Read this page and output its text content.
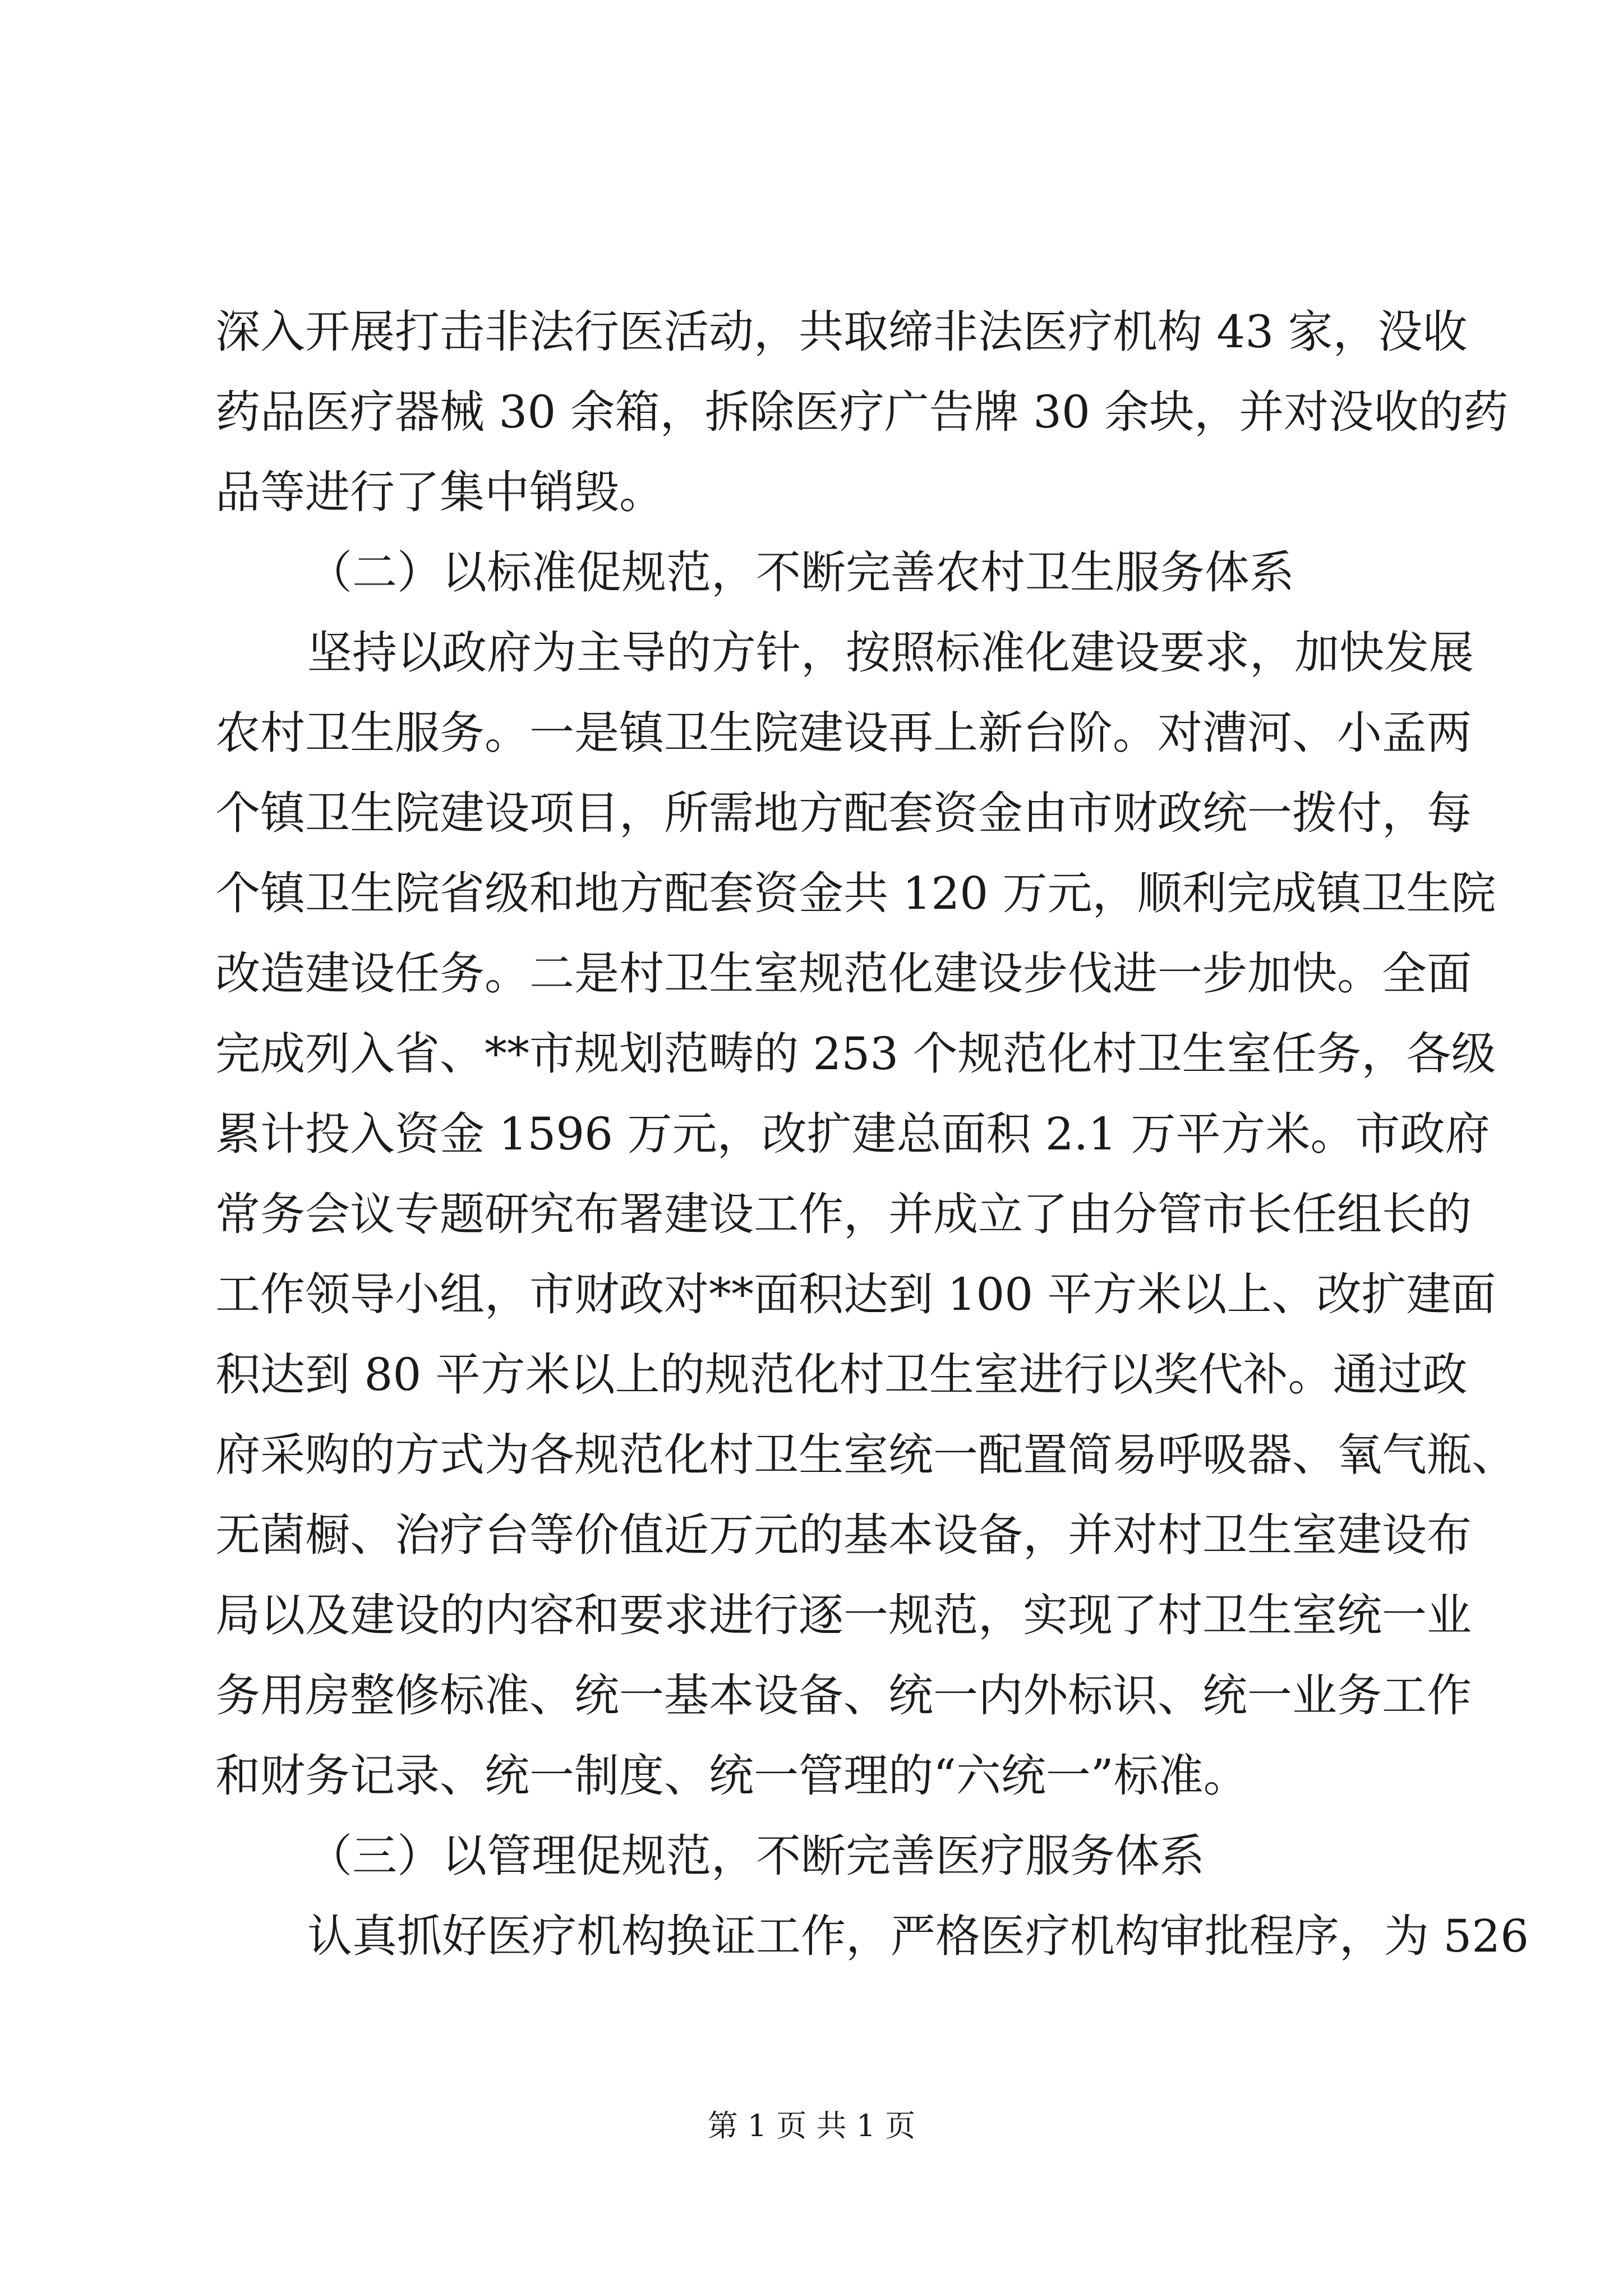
深入开展打击非法行医活动，共取缔非法医疗机构 43 家，没收
药品医疗器械 30 余箱，拆除医疗广告牌 30 余块，并对没收的药
品等进行了集中销毁。
（二）以标准促规范，不断完善农村卫生服务体系
坚持以政府为主导的方针，按照标准化建设要求，加快发展
农村卫生服务。一是镇卫生院建设再上新台阶。对漕河、小孟两
个镇卫生院建设项目，所需地方配套资金由市财政统一拨付，每
个镇卫生院省级和地方配套资金共 120 万元，顺利完成镇卫生院
改造建设任务。二是村卫生室规范化建设步伐进一步加快。全面
完成列入省、**市规划范畴的 253 个规范化村卫生室任务，各级
累计投入资金 1596 万元，改扩建总面积 2.1 万平方米。市政府
常务会议专题研究布署建设工作，并成立了由分管市长任组长的
工作领导小组，市财政对**面积达到 100 平方米以上、改扩建面
积达到 80 平方米以上的规范化村卫生室进行以奖代补。通过政
府采购的方式为各规范化村卫生室统一配置简易呼吸器、氧气瓶、
无菌橱、治疗台等价值近万元的基本设备，并对村卫生室建设布
局以及建设的内容和要求进行逐一规范，实现了村卫生室统一业
务用房整修标准、统一基本设备、统一内外标识、统一业务工作
和财务记录、统一制度、统一管理的“六统一”标准。
（三）以管理促规范，不断完善医疗服务体系
认真抓好医疗机构换证工作，严格医疗机构审批程序，为 526
第 1 页 共 1 页
